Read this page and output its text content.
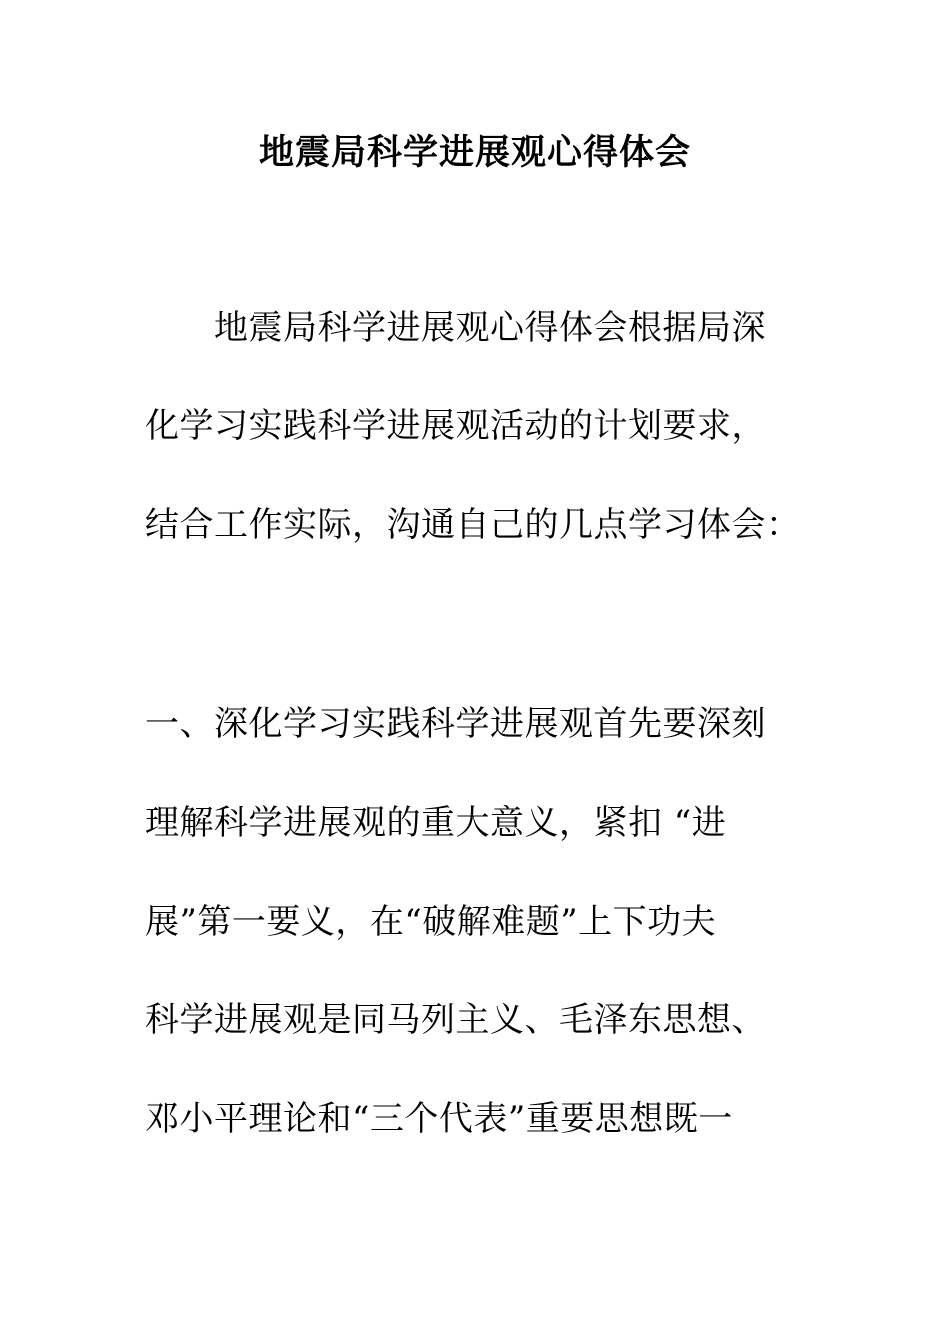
地震局科学进展观心得体会
地震局科学进展观心得体会根据局深
化学习实践科学进展观活动的计划要求，
结合工作实际，沟通自己的几点学习体会：
一、深化学习实践科学进展观首先要深刻
理解科学进展观的重大意义，紧扣 “进
展”第一要义，在“破解难题”上下功夫
科学进展观是同马列主义、毛泽东思想、
邓小平理论和“三个代表”重要思想既一
